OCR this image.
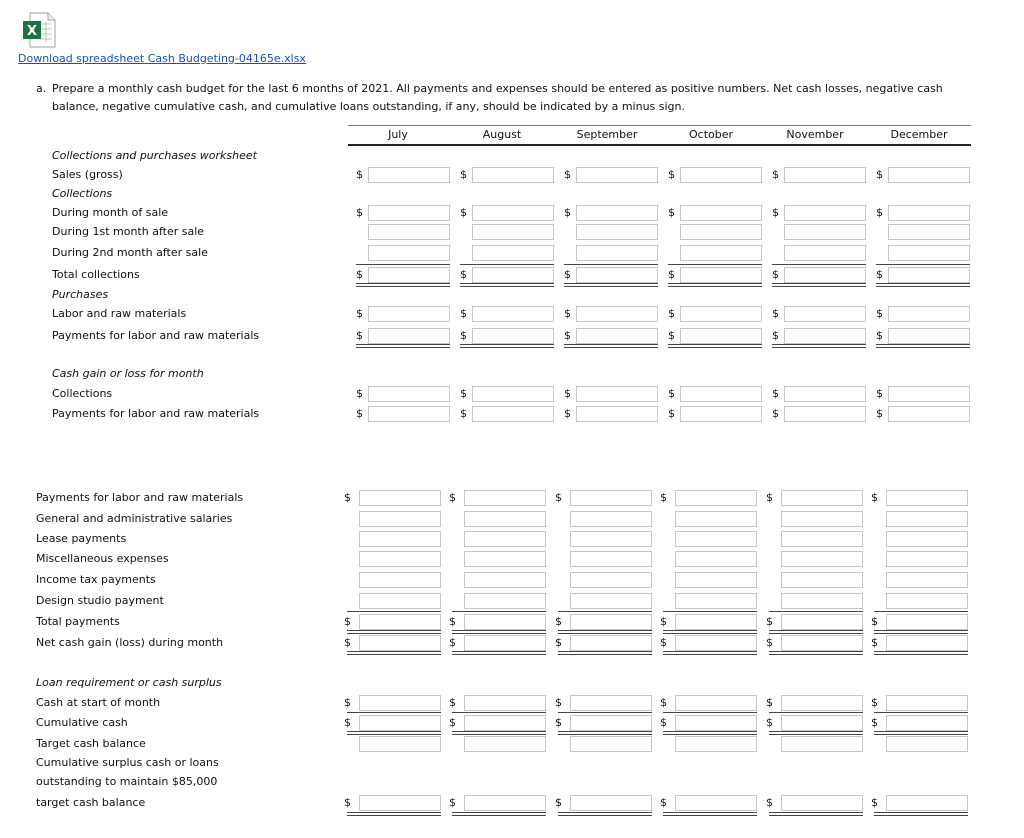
X
Download spreadsheet Cash Budgeting-04165e.xlsx
a. Prepare a monthly cash budget for the last 6 months of 2021. All payments and expenses should be entered as positive numbers. Net cash losses, negative cash balance, negative cumulative cash, and cumulative loans outstanding, if any, should be indicated by a minus sign.
July	August	September	October	November	December
Collections and purchases worksheet
Sales (gross)	$	$	$	$	$	$
Collections
During month of sale	$	$	$	$	$	$
During 1st month after sale
During 2nd month after sale
Total collections	$	$	$	$	$	$
Purchases
Labor and raw materials	$	$	$	$	$	$
Payments for labor and raw materials	$	$	$	$	$	$
Cash gain or loss for month
Collections	$	$	$	$	$	$
Payments for labor and raw materials	$	$	$	$	$	$
Payments for labor and raw materials	$	$	$	$	$	$
General and administrative salaries
Lease payments
Miscellaneous expenses
Income tax payments
Design studio payment
Total payments	$	$	$	$	$	$
Net cash gain (loss) during month	$	$	$	$	$	$
Loan requirement or cash surplus
Cash at start of month	$	$	$	$	$	$
Cumulative cash	$	$	$	$	$	$
Target cash balance
Cumulative surplus cash or loans
outstanding to maintain $85,000
target cash balance	$	$	$	$	$	$
